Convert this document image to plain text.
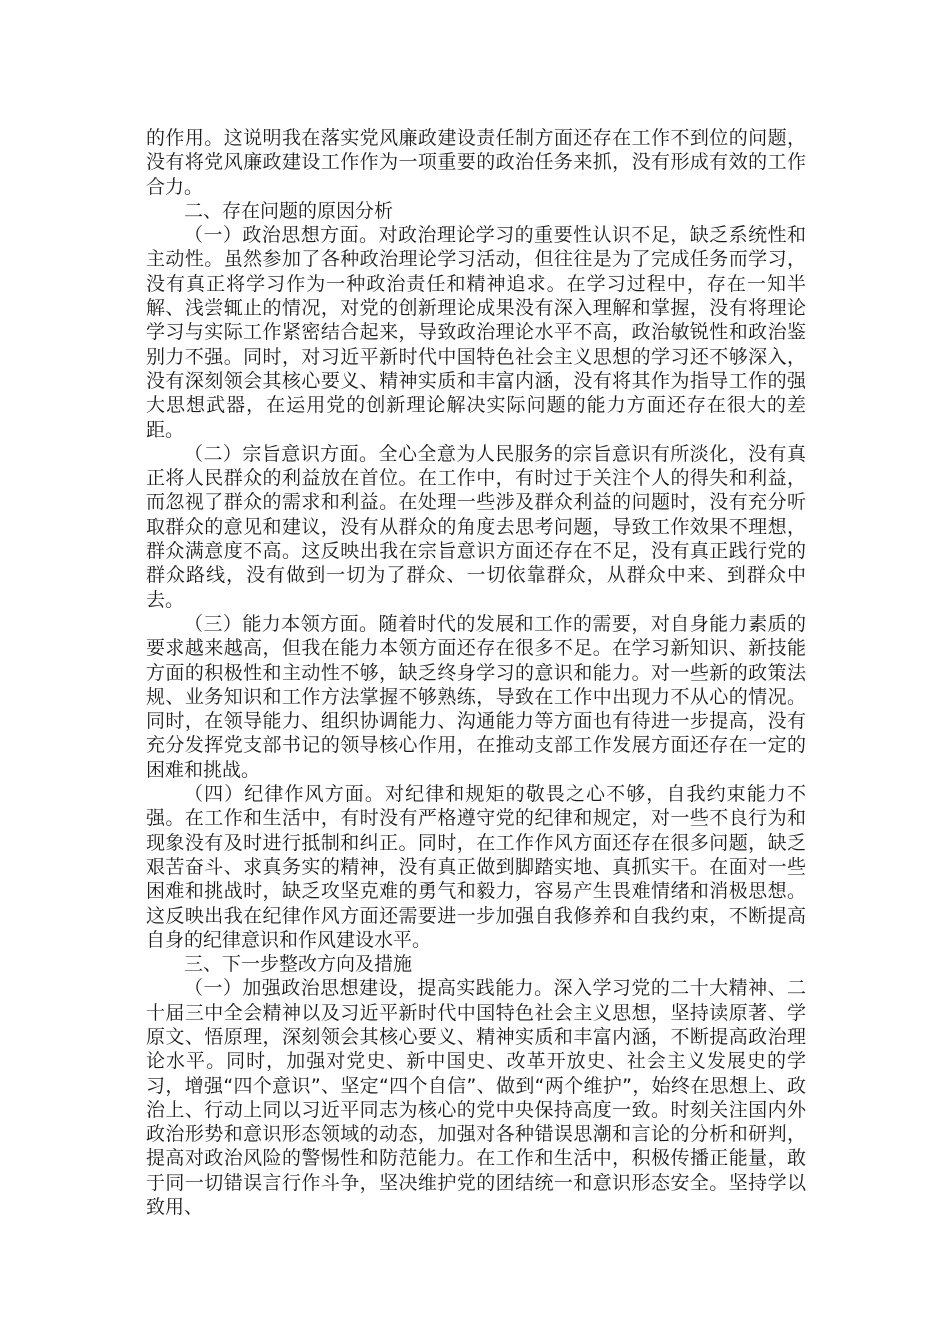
的作用。这说明我在落实党风廉政建设责任制方面还存在工作不到位的问题，没有将党风廉政建设工作作为一项重要的政治任务来抓，没有形成有效的工作合力。

二、存在问题的原因分析

（一）政治思想方面。对政治理论学习的重要性认识不足，缺乏系统性和主动性。虽然参加了各种政治理论学习活动，但往往是为了完成任务而学习，没有真正将学习作为一种政治责任和精神追求。在学习过程中，存在一知半解、浅尝辄止的情况，对党的创新理论成果没有深入理解和掌握，没有将理论学习与实际工作紧密结合起来，导致政治理论水平不高，政治敏锐性和政治鉴别力不强。同时，对习近平新时代中国特色社会主义思想的学习还不够深入，没有深刻领会其核心要义、精神实质和丰富内涵，没有将其作为指导工作的强大思想武器，在运用党的创新理论解决实际问题的能力方面还存在很大的差距。

（二）宗旨意识方面。全心全意为人民服务的宗旨意识有所淡化，没有真正将人民群众的利益放在首位。在工作中，有时过于关注个人的得失和利益，而忽视了群众的需求和利益。在处理一些涉及群众利益的问题时，没有充分听取群众的意见和建议，没有从群众的角度去思考问题，导致工作效果不理想，群众满意度不高。这反映出我在宗旨意识方面还存在不足，没有真正践行党的群众路线，没有做到一切为了群众、一切依靠群众，从群众中来、到群众中去。

（三）能力本领方面。随着时代的发展和工作的需要，对自身能力素质的要求越来越高，但我在能力本领方面还存在很多不足。在学习新知识、新技能方面的积极性和主动性不够，缺乏终身学习的意识和能力。对一些新的政策法规、业务知识和工作方法掌握不够熟练，导致在工作中出现力不从心的情况。同时，在领导能力、组织协调能力、沟通能力等方面也有待进一步提高，没有充分发挥党支部书记的领导核心作用，在推动支部工作发展方面还存在一定的困难和挑战。

（四）纪律作风方面。对纪律和规矩的敬畏之心不够，自我约束能力不强。在工作和生活中，有时没有严格遵守党的纪律和规定，对一些不良行为和现象没有及时进行抵制和纠正。同时，在工作作风方面还存在很多问题，缺乏艰苦奋斗、求真务实的精神，没有真正做到脚踏实地、真抓实干。在面对一些困难和挑战时，缺乏攻坚克难的勇气和毅力，容易产生畏难情绪和消极思想。这反映出我在纪律作风方面还需要进一步加强自我修养和自我约束，不断提高自身的纪律意识和作风建设水平。

三、下一步整改方向及措施

（一）加强政治思想建设，提高实践能力。深入学习党的二十大精神、二十届三中全会精神以及习近平新时代中国特色社会主义思想，坚持读原著、学原文、悟原理，深刻领会其核心要义、精神实质和丰富内涵，不断提高政治理论水平。同时，加强对党史、新中国史、改革开放史、社会主义发展史的学习，增强“四个意识”、坚定“四个自信”、做到“两个维护”，始终在思想上、政治上、行动上同以习近平同志为核心的党中央保持高度一致。时刻关注国内外政治形势和意识形态领域的动态，加强对各种错误思潮和言论的分析和研判，提高对政治风险的警惕性和防范能力。在工作和生活中，积极传播正能量，敢于同一切错误言行作斗争，坚决维护党的团结统一和意识形态安全。坚持学以致用、
